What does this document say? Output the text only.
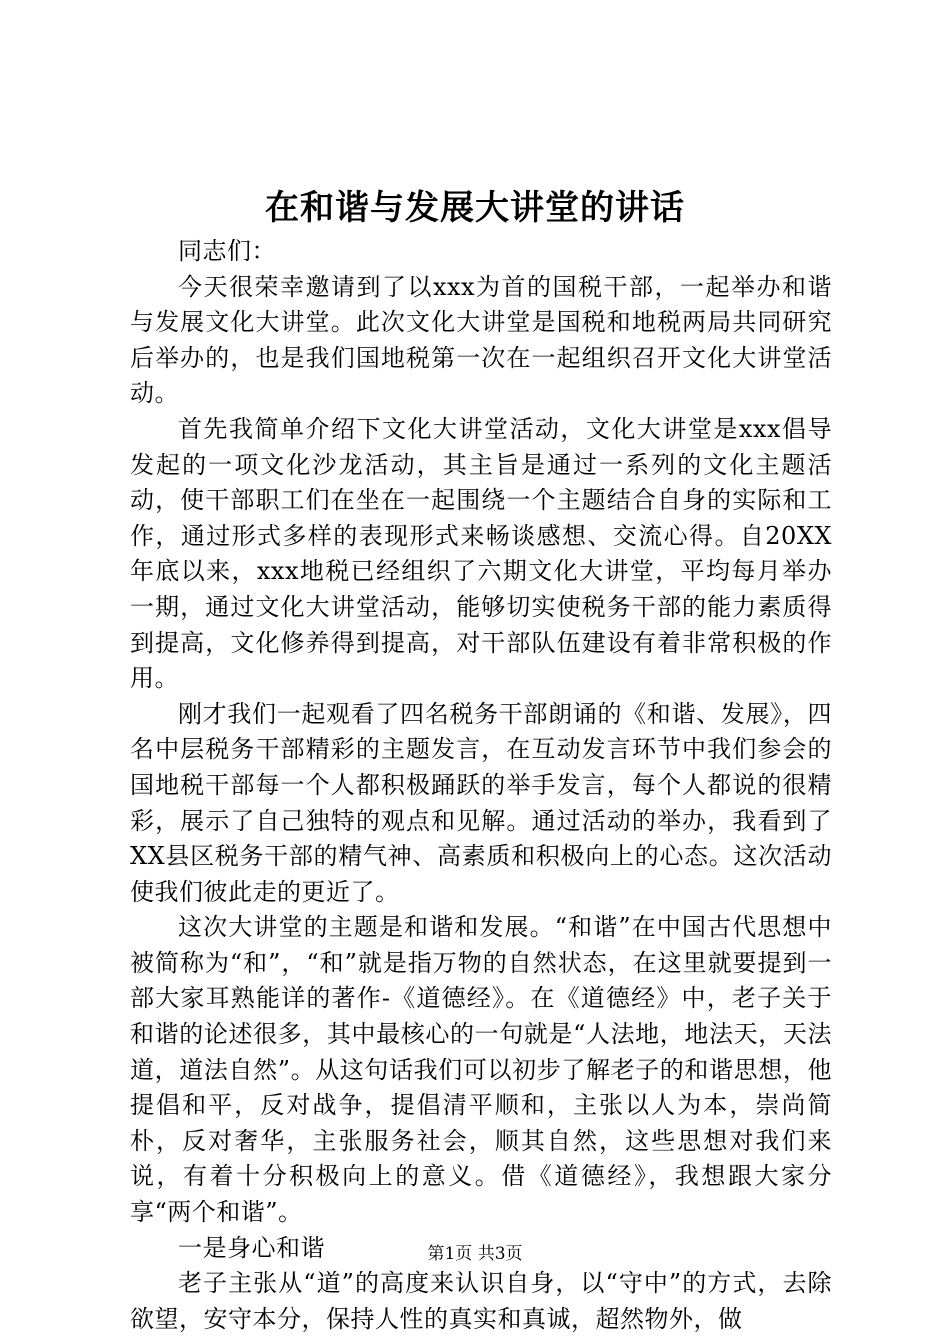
在和谐与发展大讲堂的讲话

同志们：

今天很荣幸邀请到了以xxx为首的国税干部，一起举办和谐与发展文化大讲堂。此次文化大讲堂是国税和地税两局共同研究后举办的，也是我们国地税第一次在一起组织召开文化大讲堂活动。

首先我简单介绍下文化大讲堂活动，文化大讲堂是xxx倡导发起的一项文化沙龙活动，其主旨是通过一系列的文化主题活动，使干部职工们在坐在一起围绕一个主题结合自身的实际和工作，通过形式多样的表现形式来畅谈感想、交流心得。自20XX年底以来，xxx地税已经组织了六期文化大讲堂，平均每月举办一期，通过文化大讲堂活动，能够切实使税务干部的能力素质得到提高，文化修养得到提高，对干部队伍建设有着非常积极的作用。

刚才我们一起观看了四名税务干部朗诵的《和谐、发展》，四名中层税务干部精彩的主题发言，在互动发言环节中我们参会的国地税干部每一个人都积极踊跃的举手发言，每个人都说的很精彩，展示了自己独特的观点和见解。通过活动的举办，我看到了XX县区税务干部的精气神、高素质和积极向上的心态。这次活动使我们彼此走的更近了。

这次大讲堂的主题是和谐和发展。“和谐”在中国古代思想中被简称为“和”，“和”就是指万物的自然状态，在这里就要提到一部大家耳熟能详的著作-《道德经》。在《道德经》中，老子关于和谐的论述很多，其中最核心的一句就是“人法地，地法天，天法道，道法自然”。从这句话我们可以初步了解老子的和谐思想，他提倡和平，反对战争，提倡清平顺和，主张以人为本，崇尚简朴，反对奢华，主张服务社会，顺其自然，这些思想对我们来说，有着十分积极向上的意义。借《道德经》，我想跟大家分享“两个和谐”。

一是身心和谐

老子主张从“道”的高度来认识自身，以“守中”的方式，去除欲望，安守本分，保持人性的真实和真诚，超然物外，做

第1页 共3页
